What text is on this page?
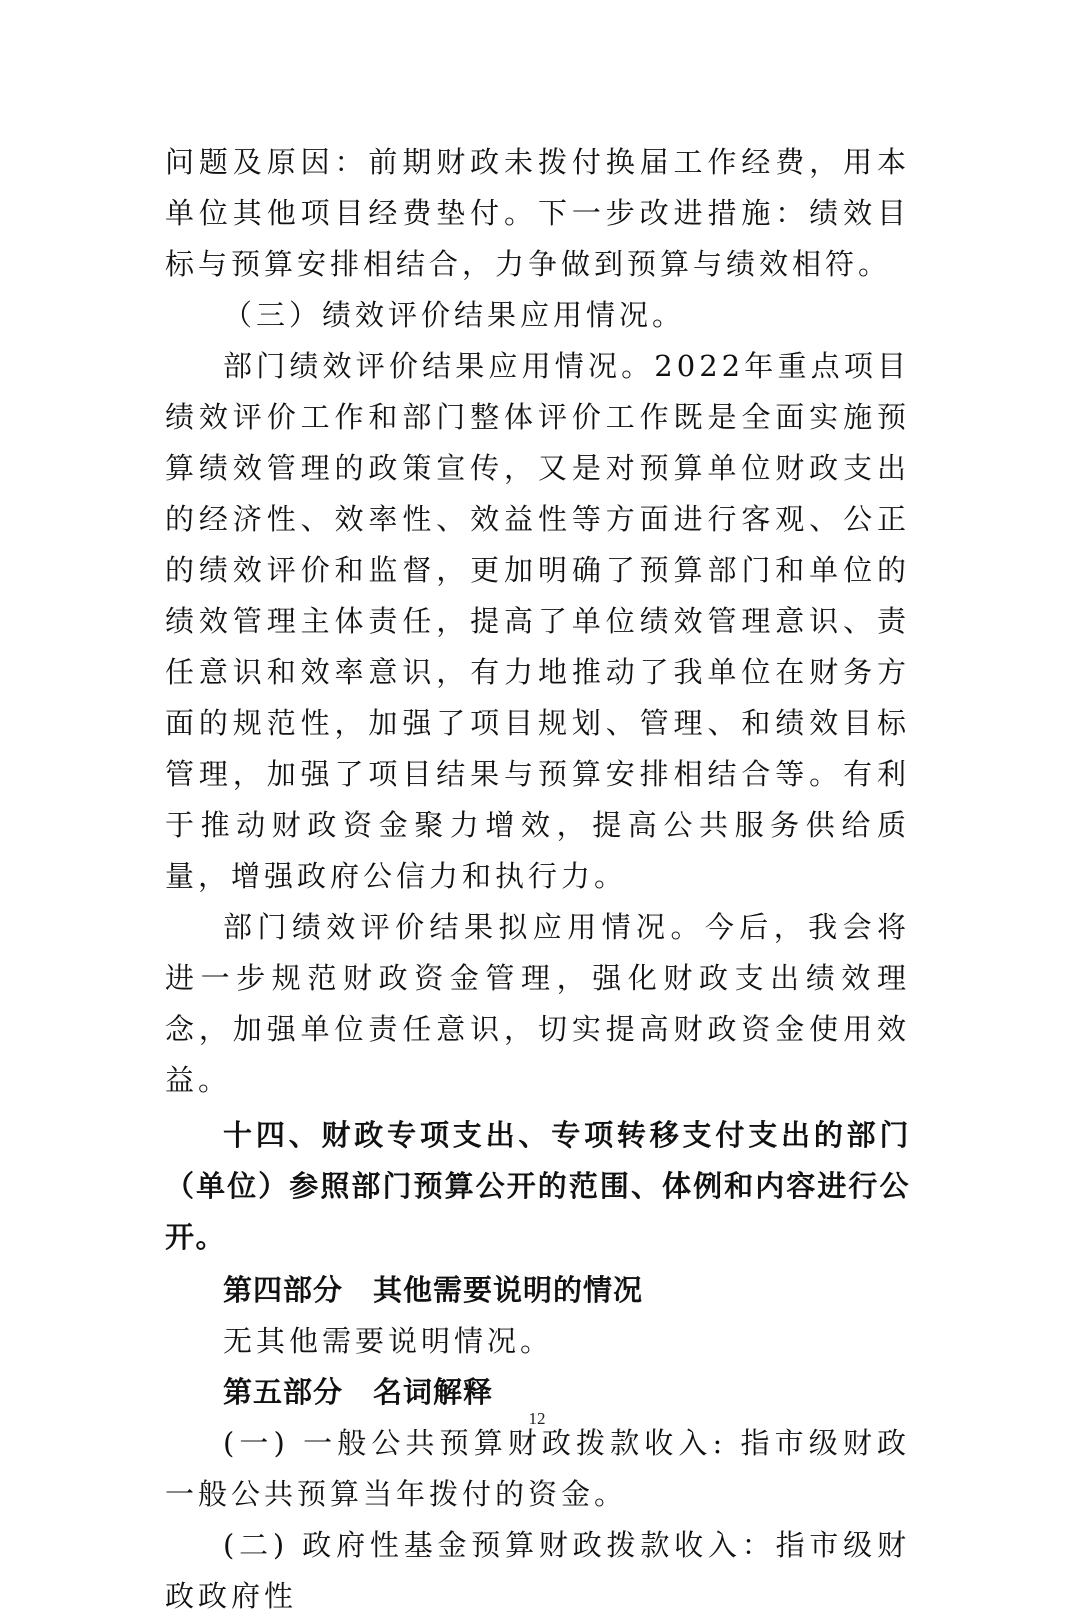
问题及原因：前期财政未拨付换届工作经费，用本单位其他项目经费垫付。下一步改进措施：绩效目标与预算安排相结合，力争做到预算与绩效相符。

（三）绩效评价结果应用情况。

部门绩效评价结果应用情况。2022年重点项目绩效评价工作和部门整体评价工作既是全面实施预算绩效管理的政策宣传，又是对预算单位财政支出的经济性、效率性、效益性等方面进行客观、公正的绩效评价和监督，更加明确了预算部门和单位的绩效管理主体责任，提高了单位绩效管理意识、责任意识和效率意识，有力地推动了我单位在财务方面的规范性，加强了项目规划、管理、和绩效目标管理，加强了项目结果与预算安排相结合等。有利于推动财政资金聚力增效，提高公共服务供给质量，增强政府公信力和执行力。

部门绩效评价结果拟应用情况。今后，我会将进一步规范财政资金管理，强化财政支出绩效理念，加强单位责任意识，切实提高财政资金使用效益。

十四、财政专项支出、专项转移支付支出的部门（单位）参照部门预算公开的范围、体例和内容进行公开。

第四部分　其他需要说明的情况

无其他需要说明情况。

第五部分　名词解释

(一) 一般公共预算财政拨款收入: 指市级财政一般公共预算当年拨付的资金。

(二) 政府性基金预算财政拨款收入：指市级财政政府性

12
